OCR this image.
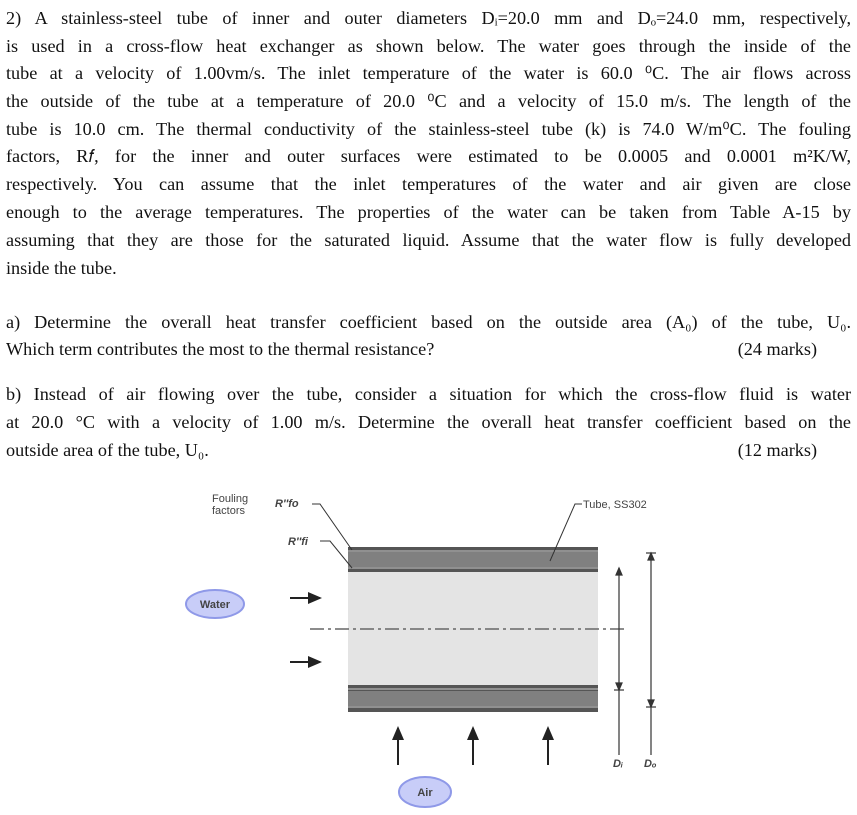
2) A stainless-steel tube of inner and outer diameters Dᵢ=20.0 mm and Dₒ=24.0 mm, respectively,
is used in a cross-flow heat exchanger as shown below. The water goes through the inside of the
tube at a velocity of 1.00vm/s. The inlet temperature of the water is 60.0 ⁰C. The air flows across
the outside of the tube at a temperature of 20.0 ⁰C and a velocity of 15.0 m/s. The length of the
tube is 10.0 cm. The thermal conductivity of the stainless-steel tube (k) is 74.0 W/m⁰C. The fouling
factors, R𝑓, for the inner and outer surfaces were estimated to be 0.0005 and 0.0001 m²K/W,
respectively. You can assume that the inlet temperatures of the water and air given are close
enough to the average temperatures. The properties of the water can be taken from Table A-15 by
assuming that they are those for the saturated liquid. Assume that the water flow is fully developed
inside the tube.
a) Determine the overall heat transfer coefficient based on the outside area (A₀) of the tube, U₀.
Which term contributes the most to the thermal resistance?	(24 marks)
b) Instead of air flowing over the tube, consider a situation for which the cross-flow fluid is water
at 20.0 °C with a velocity of 1.00 m/s. Determine the overall heat transfer coefficient based on the
outside area of the tube, U₀.	(12 marks)
Fouling
factors
R″fo
R″fi
Tube, SS302
Water
Air
Dᵢ Dₒ
